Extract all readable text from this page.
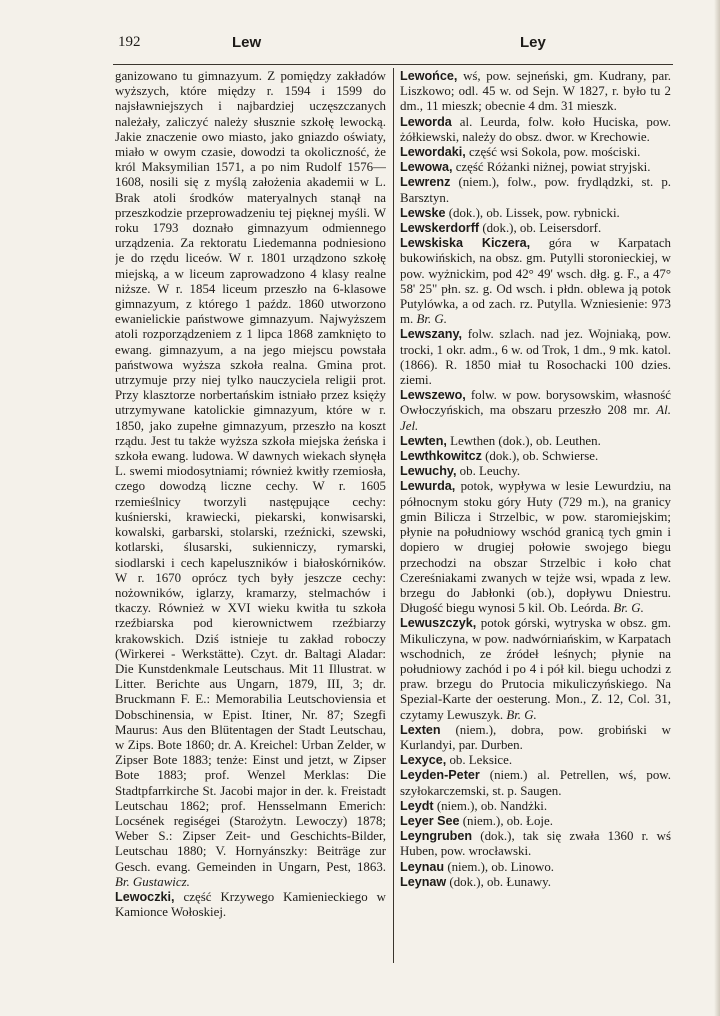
192	Lew	Ley

ganizowano tu gimnazyum. Z pomiędzy zakładów wyższych, które między r. 1594 i 1599 do najsławniejszych i najbardziej uczęszczanych należały, zaliczyć należy słusznie szkołę lewocką. Jakie znaczenie owo miasto, jako gniazdo oświaty, miało w owym czasie, dowodzi ta okoliczność, że król Maksymilian 1571, a po nim Rudolf 1576—1608, nosili się z myślą założenia akademii w L. Brak atoli środków materyalnych stanął na przeszkodzie przeprowadzeniu tej pięknej myśli. W roku 1793 doznało gimnazyum odmiennego urządzenia. Za rektoratu Liedemanna podniesiono je do rzędu liceów. W r. 1801 urządzono szkołę miejską, a w liceum zaprowadzono 4 klasy realne niższe. W r. 1854 liceum przeszło na 6-klasowe gimnazyum, z którego 1 paźdz. 1860 utworzono ewanielickie państwowe gimnazyum. Najwyższem atoli rozporządzeniem z 1 lipca 1868 zamknięto to ewang. gimnazyum, a na jego miejscu powstała państwowa wyższa szkoła realna. Gmina prot. utrzymuje przy niej tylko nauczyciela religii prot. Przy klasztorze norbertańskim istniało przez księży utrzymywane katolickie gimnazyum, które w r. 1850, jako zupełne gimnazyum, przeszło na koszt rządu. Jest tu także wyższa szkoła miejska żeńska i szkoła ewang. ludowa. W dawnych wiekach słynęła L. swemi miodosytniami; również kwitły rzemiosła, czego dowodzą liczne cechy. W r. 1605 rzemieślnicy tworzyli następujące cechy: kuśnierski, krawiecki, piekarski, konwisarski, kowalski, garbarski, stolarski, rzeźnicki, szewski, kotlarski, ślusarski, sukienniczy, rymarski, siodlarski i cech kapeluszników i białoskórników. W r. 1670 oprócz tych były jeszcze cechy: nożowników, iglarzy, kramarzy, stelmachów i tkaczy. Również w XVI wieku kwitła tu szkoła rzeźbiarska pod kierownictwem rzeźbiarzy krakowskich. Dziś istnieje tu zakład roboczy (Wirkerei - Werkstätte). Czyt. dr. Baltagi Aladar: Die Kunstdenkmale Leutschaus. Mit 11 Illustrat. w Litter. Berichte aus Ungarn, 1879, III, 3; dr. Bruckmann F. E.: Memorabilia Leutschoviensia et Dobschinensia, w Epist. Itiner, Nr. 87; Szegfi Maurus: Aus den Blütentagen der Stadt Leutschau, w Zips. Bote 1860; dr. A. Kreichel: Urban Zelder, w Zipser Bote 1883; tenże: Einst und jetzt, w Zipser Bote 1883; prof. Wenzel Merklas: Die Stadtpfarrkirche St. Jacobi major in der. k. Freistadt Leutschau 1862; prof. Hensselmann Emerich: Locsének regiségei (Starożytn. Lewoczy) 1878; Weber S.: Zipser Zeit- und Geschichts-Bilder, Leutschau 1880; V. Hornyánszky: Beiträge zur Gesch. evang. Gemeinden in Ungarn, Pest, 1863. Br. Gustawicz.

Lewoczki, część Krzywego Kamienieckiego w Kamionce Wołoskiej.

Lewońce, wś, pow. sejneński, gm. Kudrany, par. Liszkowo; odl. 45 w. od Sejn. W 1827, r. było tu 2 dm., 11 mieszk; obecnie 4 dm. 31 mieszk.

Leworda al. Leurda, folw. koło Huciska, pow. żółkiewski, należy do obsz. dwor. w Krechowie.

Lewordaki, część wsi Sokola, pow. mościski.

Lewowa, część Różanki niżnej, powiat stryjski.

Lewrenz (niem.), folw., pow. frydlądzki, st. p. Barsztyn.

Lewske (dok.), ob. Lissek, pow. rybnicki.

Lewskerdorff (dok.), ob. Leisersdorf.

Lewskiska Kiczera, góra w Karpatach bukowińskich, na obsz. gm. Putylli storonieckiej, w pow. wyżnickim, pod 42° 49' wsch. dłg. g. F., a 47° 58' 25" płn. sz. g. Od wsch. i płdn. oblewa ją potok Putylówka, a od zach. rz. Putylla. Wzniesienie: 973 m. Br. G.

Lewszany, folw. szlach. nad jez. Wojniaką, pow. trocki, 1 okr. adm., 6 w. od Trok, 1 dm., 9 mk. katol. (1866). R. 1850 miał tu Rosochacki 100 dzies. ziemi.

Lewszewo, folw. w pow. borysowskim, własność Owłoczyńskich, ma obszaru przeszło 208 mr. Al. Jel.

Lewten, Lewthen (dok.), ob. Leuthen.

Lewthkowitcz (dok.), ob. Schwierse.

Lewuchy, ob. Leuchy.

Lewurda, potok, wypływa w lesie Lewurdziu, na północnym stoku góry Huty (729 m.), na granicy gmin Bilicza i Strzelbic, w pow. staromiejskim; płynie na południowy wschód granicą tych gmin i dopiero w drugiej połowie swojego biegu przechodzi na obszar Strzelbic i koło chat Czereśniakami zwanych w tejże wsi, wpada z lew. brzegu do Jabłonki (ob.), dopływu Dniestru. Długość biegu wynosi 5 kil. Ob. Leórda. Br. G.

Lewuszczyk, potok górski, wytryska w obsz. gm. Mikuliczyna, w pow. nadwórniańskim, w Karpatach wschodnich, ze źródeł leśnych; płynie na południowy zachód i po 4 i pół kil. biegu uchodzi z praw. brzegu do Prutocia mikuliczyńskiego. Na Spezial-Karte der oesterung. Mon., Z. 12, Col. 31, czytamy Lewuszyk. Br. G.

Lexten (niem.), dobra, pow. grobiński w Kurlandyi, par. Durben.

Lexyce, ob. Leksice.

Leyden-Peter (niem.) al. Petrellen, wś, pow. szyłokarczemski, st. p. Saugen.

Leydt (niem.), ob. Nandżki.

Leyer See (niem.), ob. Łoje.

Leyngruben (dok.), tak się zwała 1360 r. wś Huben, pow. wrocławski.

Leynau (niem.), ob. Linowo.

Leynaw (dok.), ob. Łunawy.
